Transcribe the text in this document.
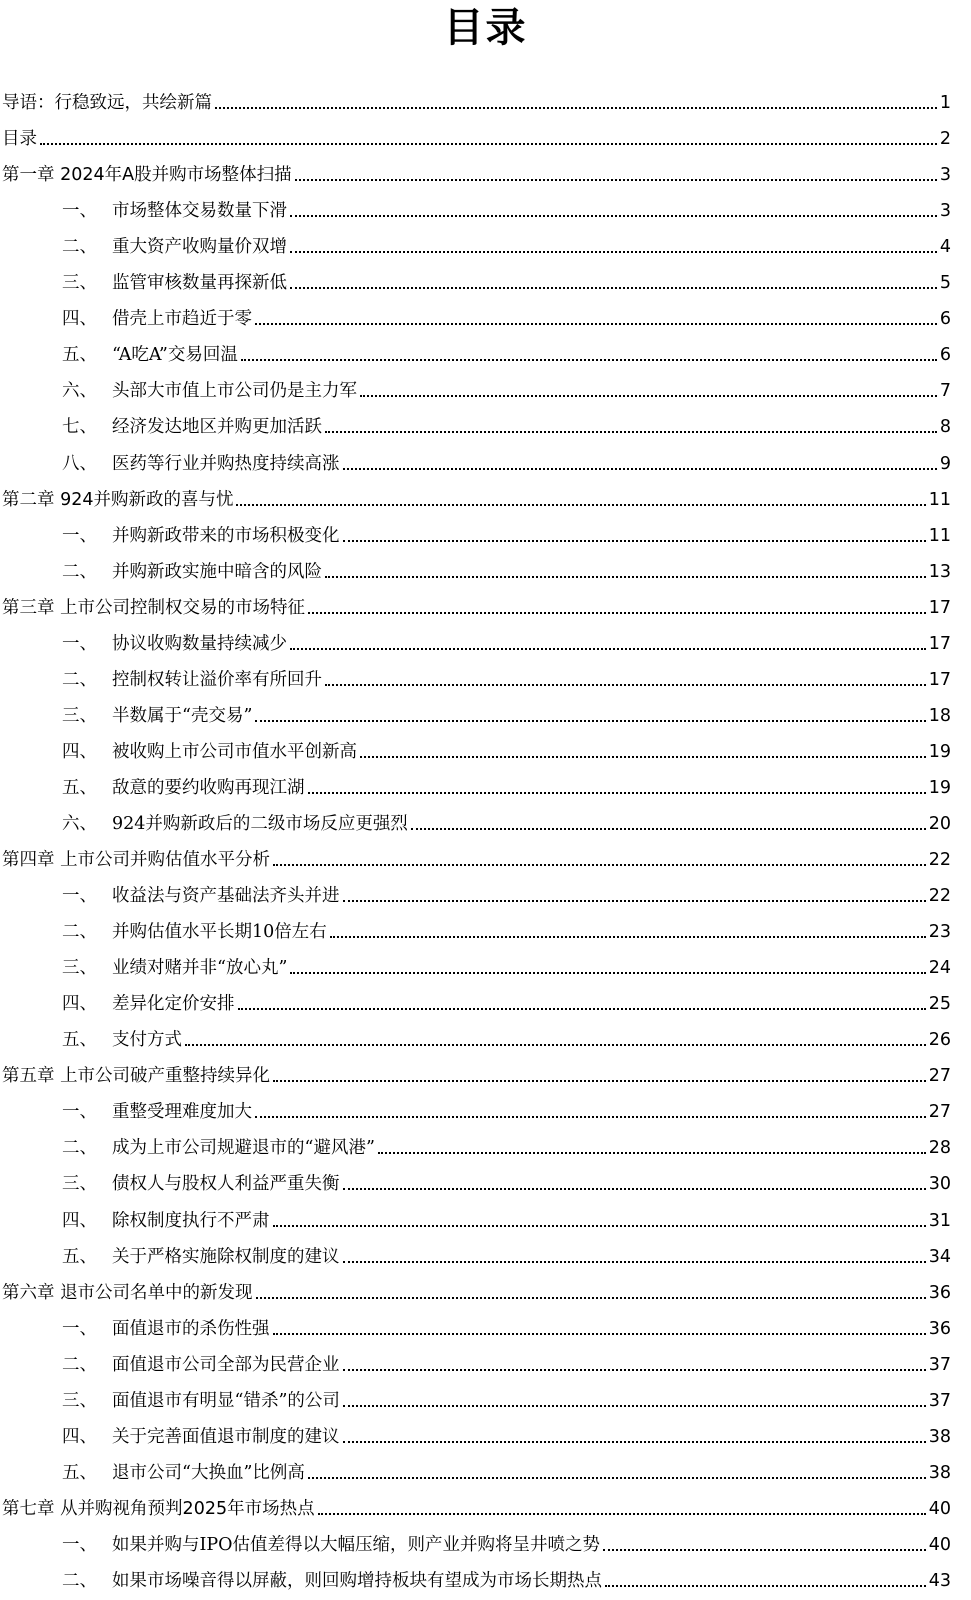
目录
导语：行稳致远，共绘新篇	1
目录	2
第一章 2024年A股并购市场整体扫描	3
一、 市场整体交易数量下滑	3
二、 重大资产收购量价双增	4
三、 监管审核数量再探新低	5
四、 借壳上市趋近于零	6
五、 “A吃A”交易回温	6
六、 头部大市值上市公司仍是主力军	7
七、 经济发达地区并购更加活跃	8
八、 医药等行业并购热度持续高涨	9
第二章 924并购新政的喜与忧	11
一、 并购新政带来的市场积极变化	11
二、 并购新政实施中暗含的风险	13
第三章 上市公司控制权交易的市场特征	17
一、 协议收购数量持续减少	17
二、 控制权转让溢价率有所回升	17
三、 半数属于“壳交易”	18
四、 被收购上市公司市值水平创新高	19
五、 敌意的要约收购再现江湖	19
六、 924并购新政后的二级市场反应更强烈	20
第四章 上市公司并购估值水平分析	22
一、 收益法与资产基础法齐头并进	22
二、 并购估值水平长期10倍左右	23
三、 业绩对赌并非“放心丸”	24
四、 差异化定价安排	25
五、 支付方式	26
第五章 上市公司破产重整持续异化	27
一、 重整受理难度加大	27
二、 成为上市公司规避退市的“避风港”	28
三、 债权人与股权人利益严重失衡	30
四、 除权制度执行不严肃	31
五、 关于严格实施除权制度的建议	34
第六章 退市公司名单中的新发现	36
一、 面值退市的杀伤性强	36
二、 面值退市公司全部为民营企业	37
三、 面值退市有明显“错杀”的公司	37
四、 关于完善面值退市制度的建议	38
五、 退市公司“大换血”比例高	38
第七章 从并购视角预判2025年市场热点	40
一、 如果并购与IPO估值差得以大幅压缩，则产业并购将呈井喷之势	40
二、 如果市场噪音得以屏蔽，则回购增持板块有望成为市场长期热点	43
